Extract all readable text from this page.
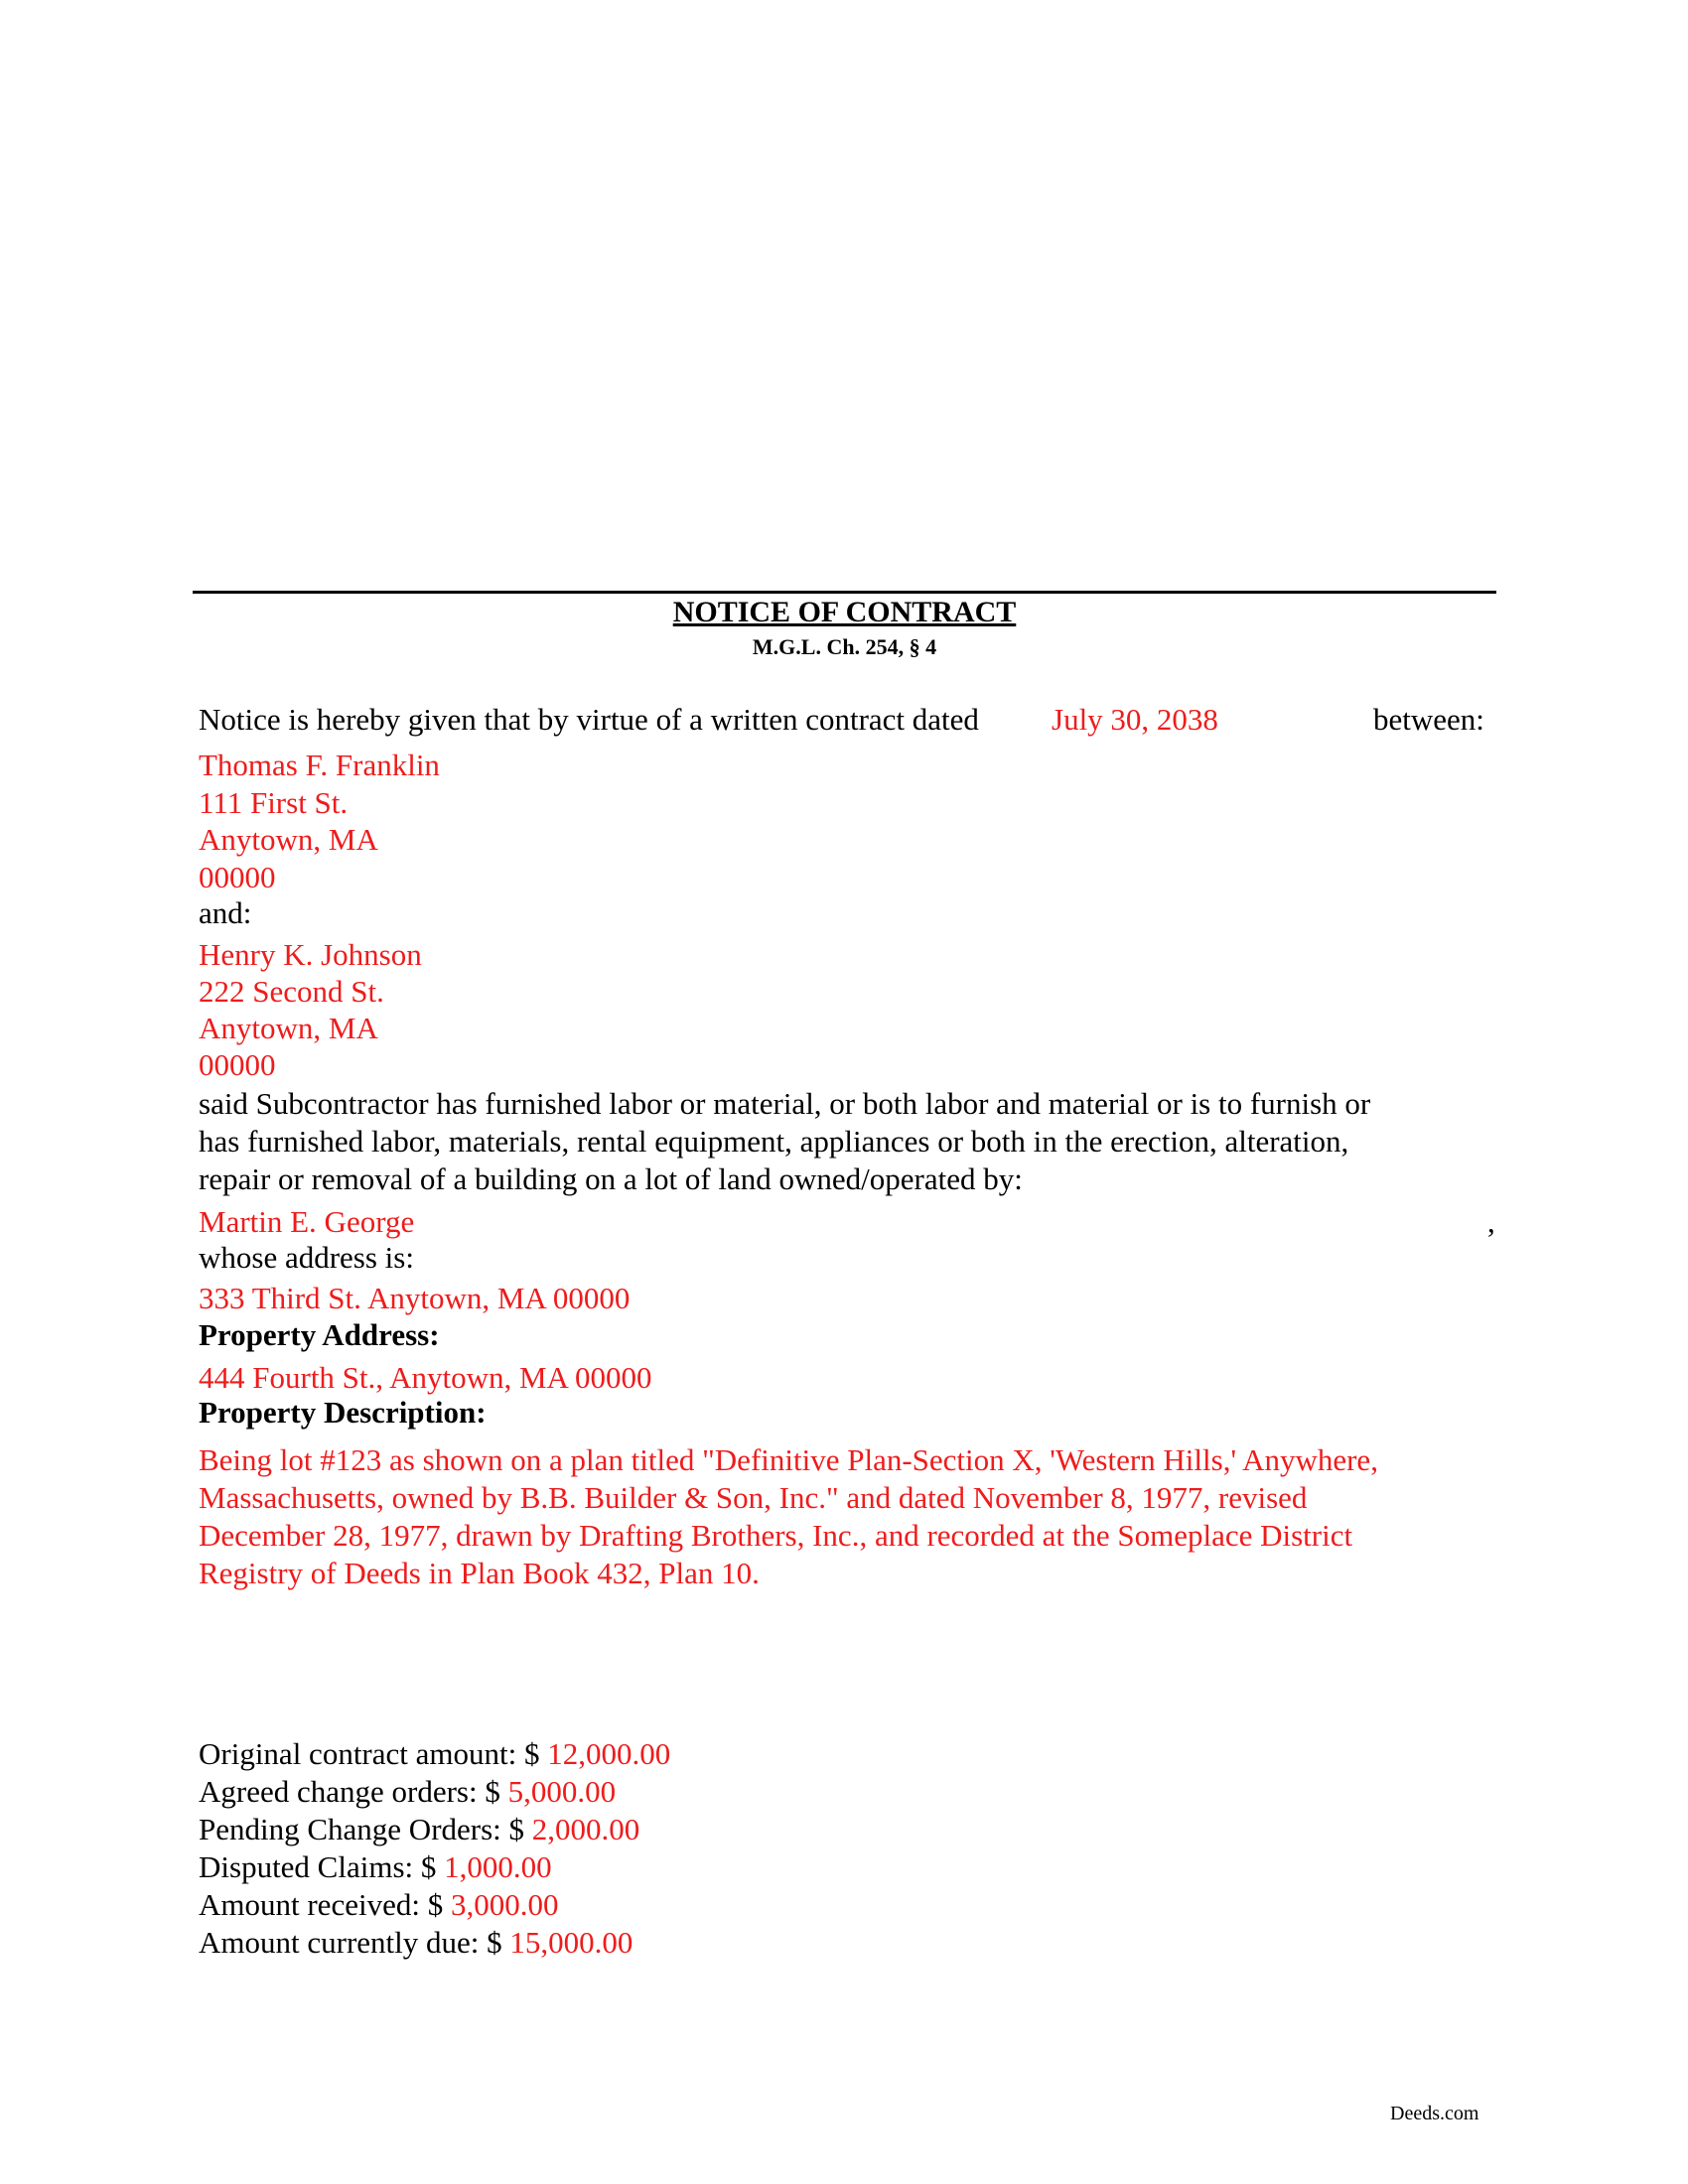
NOTICE OF CONTRACT
M.G.L. Ch. 254, § 4
Notice is hereby given that by virtue of a written contract dated July 30, 2038	between:
Thomas F. Franklin
111 First St.
Anytown, MA
00000
and:
Henry K. Johnson
222 Second St.
Anytown, MA
00000
said Subcontractor has furnished labor or material, or both labor and material or is to furnish or
has furnished labor, materials, rental equipment, appliances or both in the erection, alteration,
repair or removal of a building on a lot of land owned/operated by:
Martin E. George	,
whose address is:
333 Third St. Anytown, MA 00000
Property Address:
444 Fourth St., Anytown, MA 00000
Property Description:
Being lot #123 as shown on a plan titled "Definitive Plan-Section X, 'Western Hills,' Anywhere,
Massachusetts, owned by B.B. Builder & Son, Inc." and dated November 8, 1977, revised
December 28, 1977, drawn by Drafting Brothers, Inc., and recorded at the Someplace District
Registry of Deeds in Plan Book 432, Plan 10.
Original contract amount: $ 12,000.00
Agreed change orders: $ 5,000.00
Pending Change Orders: $ 2,000.00
Disputed Claims: $ 1,000.00
Amount received: $ 3,000.00
Amount currently due: $ 15,000.00
Deeds.com
